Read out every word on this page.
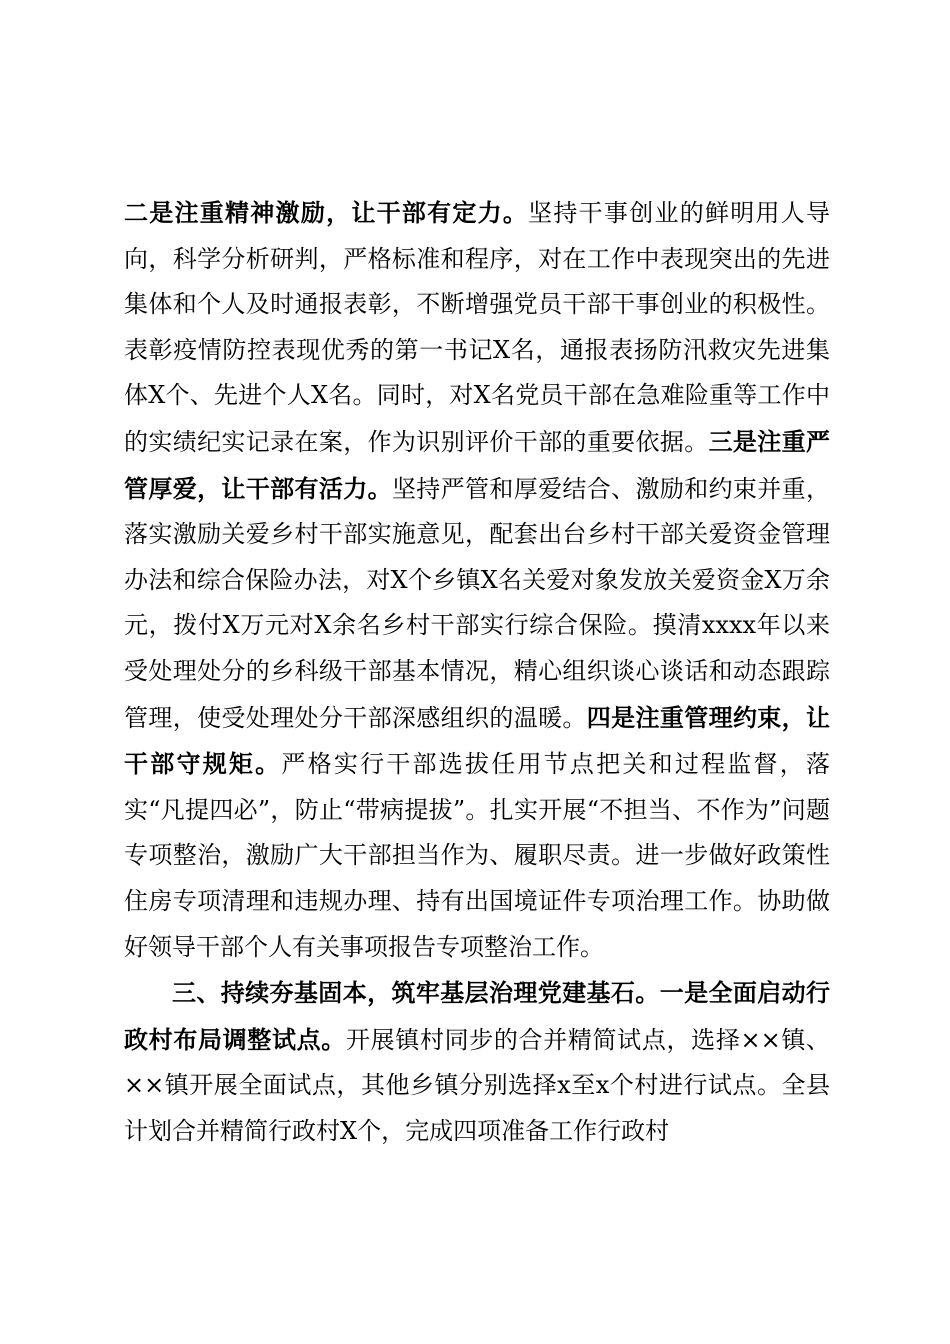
二是注重精神激励，让干部有定力。坚持干事创业的鲜明用人导向，科学分析研判，严格标准和程序，对在工作中表现突出的先进集体和个人及时通报表彰，不断增强党员干部干事创业的积极性。表彰疫情防控表现优秀的第一书记X名，通报表扬防汛救灾先进集体X个、先进个人X名。同时，对X名党员干部在急难险重等工作中的实绩纪实记录在案，作为识别评价干部的重要依据。三是注重严管厚爱，让干部有活力。坚持严管和厚爱结合、激励和约束并重，落实激励关爱乡村干部实施意见，配套出台乡村干部关爱资金管理办法和综合保险办法，对X个乡镇X名关爱对象发放关爱资金X万余元，拨付X万元对X余名乡村干部实行综合保险。摸清xxxx年以来受处理处分的乡科级干部基本情况，精心组织谈心谈话和动态跟踪管理，使受处理处分干部深感组织的温暖。四是注重管理约束，让干部守规矩。严格实行干部选拔任用节点把关和过程监督，落实“凡提四必”，防止“带病提拔”。扎实开展“不担当、不作为”问题专项整治，激励广大干部担当作为、履职尽责。进一步做好政策性住房专项清理和违规办理、持有出国境证件专项治理工作。协助做好领导干部个人有关事项报告专项整治工作。

三、持续夯基固本，筑牢基层治理党建基石。一是全面启动行政村布局调整试点。开展镇村同步的合并精简试点，选择××镇、××镇开展全面试点，其他乡镇分别选择x至x个村进行试点。全县计划合并精简行政村X个，完成四项准备工作行政村
